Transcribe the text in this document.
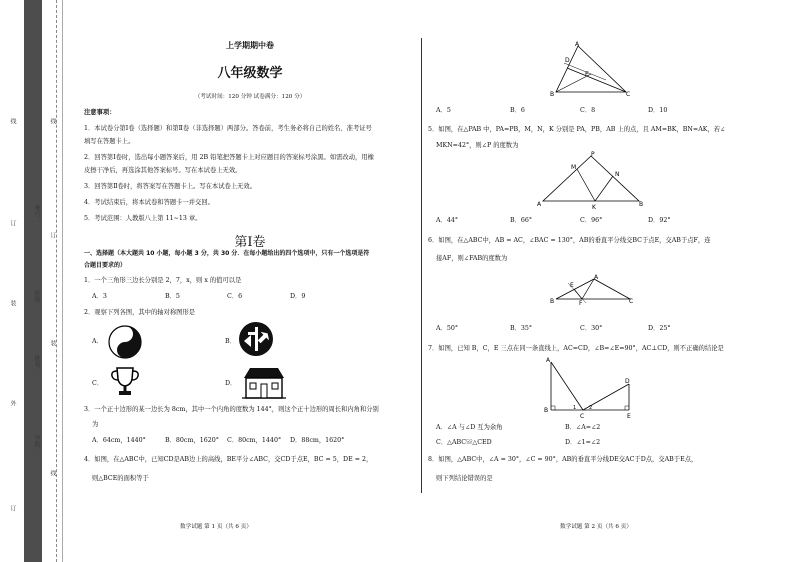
线
订
装
外
订
线
订
装
线
学校：
姓名：
班级：
考号：
上学期期中卷
八年级数学
（考试时间：120 分钟 试卷满分：120 分）
注意事项：
1．本试卷分第Ⅰ卷（选择题）和第Ⅱ卷（非选择题）两部分。答卷前，考生务必将自己的姓名、准考证号
填写在答题卡上。
2．回答第Ⅰ卷时，选出每小题答案后，用 2B 铅笔把答题卡上对应题目的答案标号涂黑。如需改动，用橡
皮擦干净后，再选涂其他答案标号。写在本试卷上无效。
3．回答第Ⅱ卷时，将答案写在答题卡上。写在本试卷上无效。
4．考试结束后，将本试卷和答题卡一并交回。
5．考试范围：人教版八上第 11~13 章。
第Ⅰ卷
一、选择题（本大题共 10 小题，每小题 3 分，共 30 分．在每小题给出的四个选项中，只有一个选项是符
合题目要求的）
1．一个三角形三边长分别是 2，7，x，则 x 的值可以是
A．3	B．5	C．6	D．9
2．观察下列各图，其中的轴对称图形是
A．	B．
C．	D．
3．一个正十边形的某一边长为 8cm，其中一个内角的度数为 144°，则这个正十边形的周长和内角和分别
为
A．64cm，1440°	B．80cm，1620° C．80cm，1440° D．88cm，1620°
4．如图，在△ABC中，已知CD是AB边上的高线，BE平分∠ABC，交CD于点E，BC = 5，DE = 2，
则△BCE的面积等于
A
D
E
B	C
A．5	B．6	C．8	D．10
5．如图，在△PAB 中，PA=PB，M，N，K 分别是 PA，PB，AB 上的点，且 AM=BK，BN=AK，若∠
MKN=42°，则∠P 的度数为
P
M
N
A	K	B
A．44°	B．66°	C．96°	D．92°
6．如图，在△ABC中，AB = AC，∠BAC = 130°，AB的垂直平分线交BC于点E，交AB于点F，连
接AF，则∠FAB的度数为
A
E
F
B	C
A．50°	B．35°	C．30°	D．25°
7．如图，已知 B，C，E 三点在同一条直线上，AC=CD，∠B=∠E=90°，AC⊥CD，则不正确的结论是
A
D
B	1	2
C	E
A．∠A 与∠D 互为余角	B．∠A=∠2
C．△ABC≌△CED	D．∠1=∠2
8．如图，△ABC中，∠A = 30°，∠C = 90°，AB的垂直平分线DE交AC于D点，交AB于E点，
则下列结论错误的是
数学试题 第 1 页（共 6 页）	数学试题 第 2 页（共 6 页）
